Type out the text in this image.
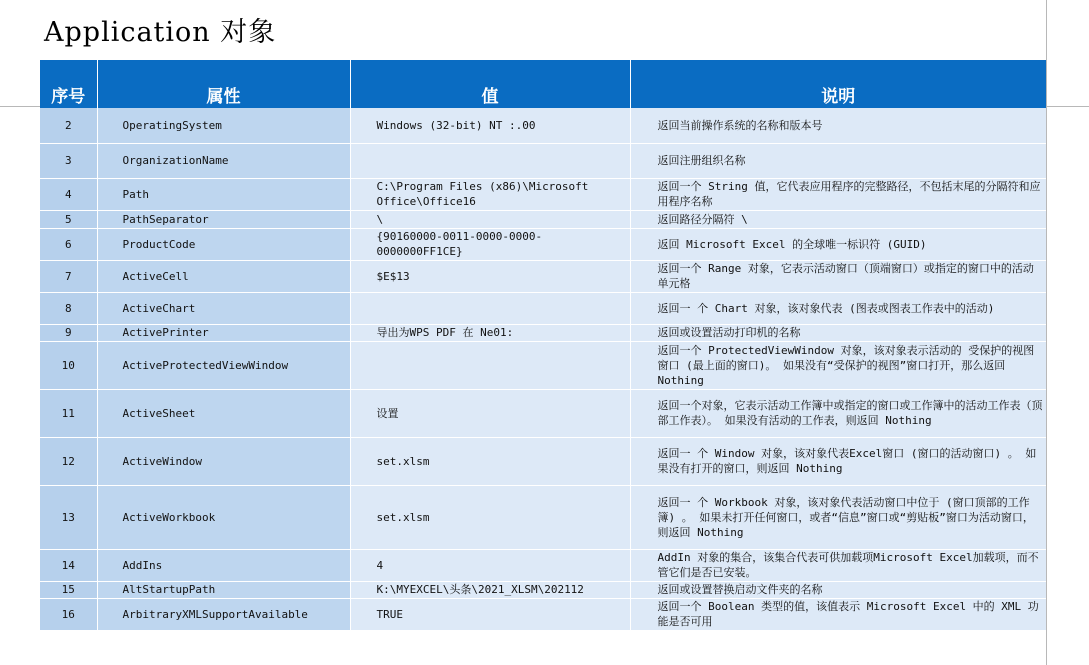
Application 对象
序号	属性	值	说明
2	OperatingSystem	Windows (32-bit) NT :.00	返回当前操作系统的名称和版本号
3	OrganizationName		返回注册组织名称
4	Path	C:\Program Files (x86)\Microsoft Office\Office16	返回一个 String 值，它代表应用程序的完整路径，不包括末尾的分隔符和应用程序名称
5	PathSeparator	\	返回路径分隔符 \
6	ProductCode	{90160000-0011-0000-0000-0000000FF1CE}	返回 Microsoft Excel 的全球唯一标识符 (GUID)
7	ActiveCell	$E$13	返回一个 Range 对象，它表示活动窗口（顶端窗口）或指定的窗口中的活动单元格
8	ActiveChart		返回一 个 Chart 对象，该对象代表 (图表或图表工作表中的活动)
9	ActivePrinter	导出为WPS PDF 在 Ne01:	返回或设置活动打印机的名称
10	ActiveProtectedViewWindow		返回一个 ProtectedViewWindow 对象，该对象表示活动的 受保护的视图窗口 (最上面的窗口)。 如果没有“受保护的视图”窗口打开，那么返回 Nothing
11	ActiveSheet	设置	返回一个对象，它表示活动工作簿中或指定的窗口或工作簿中的活动工作表（顶部工作表）。 如果没有活动的工作表，则返回 Nothing
12	ActiveWindow	set.xlsm	返回一 个 Window 对象，该对象代表Excel窗口 (窗口的活动窗口) 。 如果没有打开的窗口，则返回 Nothing
13	ActiveWorkbook	set.xlsm	返回一 个 Workbook 对象，该对象代表活动窗口中位于 (窗口顶部的工作簿) 。 如果未打开任何窗口，或者“信息”窗口或“剪贴板”窗口为活动窗口，则返回 Nothing
14	AddIns	4	AddIn 对象的集合，该集合代表可供加载项Microsoft Excel加载项，而不管它们是否已安装。
15	AltStartupPath	K:\MYEXCEL\头条\2021_XLSM\202112	返回或设置替换启动文件夹的名称
16	ArbitraryXMLSupportAvailable	TRUE	返回一个 Boolean 类型的值，该值表示 Microsoft Excel 中的 XML 功能是否可用
